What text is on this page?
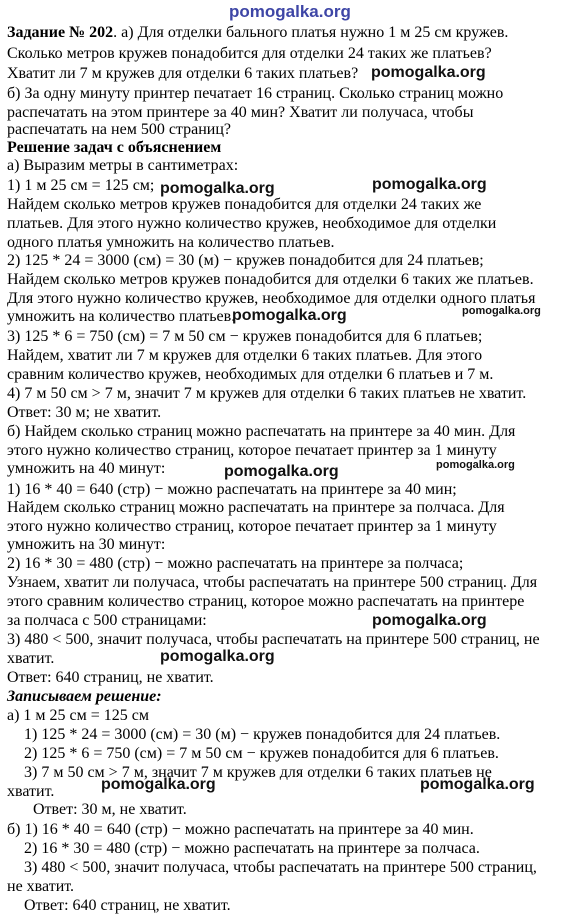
pomogalka.org
Задание № 202. а) Для отделки бального платья нужно 1 м 25 см кружев.
Сколько метров кружев понадобится для отделки 24 таких же платьев?
Хватит ли 7 м кружев для отделки 6 таких платьев?
б) За одну минуту принтер печатает 16 страниц. Сколько страниц можно
распечатать на этом принтере за 40 мин? Хватит ли получаса, чтобы
распечатать на нем 500 страниц?
Решение задач с объяснением
а) Выразим метры в сантиметрах:
1) 1 м 25 см = 125 см;
Найдем сколько метров кружев понадобится для отделки 24 таких же
платьев. Для этого нужно количество кружев, необходимое для отделки
одного платья умножить на количество платьев.
2) 125 * 24 = 3000 (см) = 30 (м) − кружев понадобится для 24 платьев;
Найдем сколько метров кружев понадобится для отделки 6 таких же платьев.
Для этого нужно количество кружев, необходимое для отделки одного платья
умножить на количество платьев.
3) 125 * 6 = 750 (см) = 7 м 50 см − кружев понадобится для 6 платьев;
Найдем, хватит ли 7 м кружев для отделки 6 таких платьев. Для этого
сравним количество кружев, необходимых для отделки 6 платьев и 7 м.
4) 7 м 50 см > 7 м, значит 7 м кружев для отделки 6 таких платьев не хватит.
Ответ: 30 м; не хватит.
б) Найдем сколько страниц можно распечатать на принтере за 40 мин. Для
этого нужно количество страниц, которое печатает принтер за 1 минуту
умножить на 40 минут:
1) 16 * 40 = 640 (стр) − можно распечатать на принтере за 40 мин;
Найдем сколько страниц можно распечатать на принтере за полчаса. Для
этого нужно количество страниц, которое печатает принтер за 1 минуту
умножить на 30 минут:
2) 16 * 30 = 480 (стр) − можно распечатать на принтере за полчаса;
Узнаем, хватит ли получаса, чтобы распечатать на принтере 500 страниц. Для
этого сравним количество страниц, которое можно распечатать на принтере
за полчаса с 500 страницами:
3) 480 < 500, значит получаса, чтобы распечатать на принтере 500 страниц, не
хватит.
Ответ: 640 страниц, не хватит.
Записываем решение:
а) 1 м 25 см = 125 см
1) 125 * 24 = 3000 (см) = 30 (м) − кружев понадобится для 24 платьев.
2) 125 * 6 = 750 (см) = 7 м 50 см − кружев понадобится для 6 платьев.
3) 7 м 50 см > 7 м, значит 7 м кружев для отделки 6 таких платьев не
хватит.
Ответ: 30 м, не хватит.
б) 1) 16 * 40 = 640 (стр) − можно распечатать на принтере за 40 мин.
2) 16 * 30 = 480 (стр) − можно распечатать на принтере за полчаса.
3) 480 < 500, значит получаса, чтобы распечатать на принтере 500 страниц,
не хватит.
Ответ: 640 страниц, не хватит.
pomogalka.org
pomogalka.org	pomogalka.org
pomogalka.org	pomogalka.org
pomogalka.org	pomogalka.org
pomogalka.org
pomogalka.org
pomogalka.org	pomogalka.org
